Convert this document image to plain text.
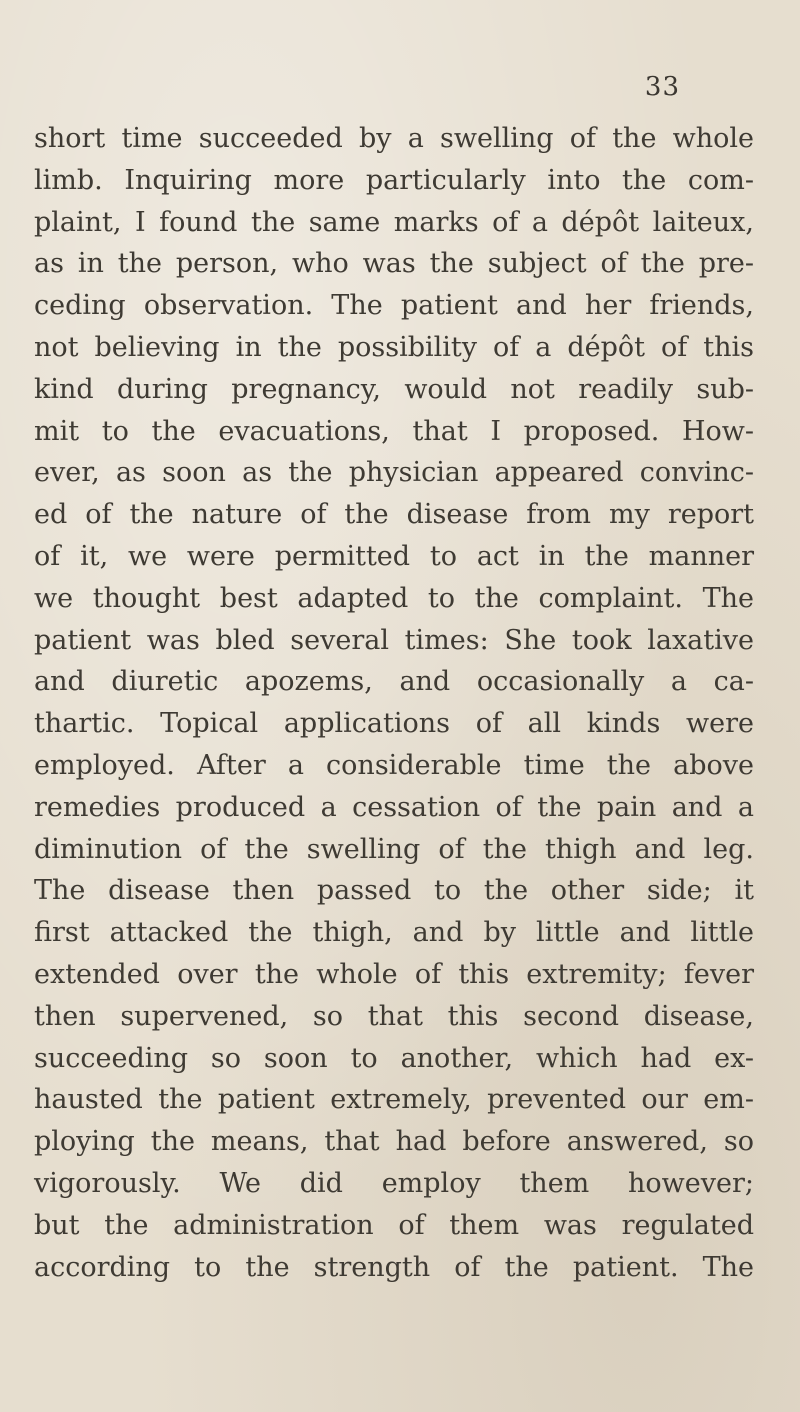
33
short time succeeded by a swelling of the whole
limb. Inquiring more particularly into the com-
plaint, I found the same marks of a dépôt laiteux,
as in the person, who was the subject of the pre-
ceding observation. The patient and her friends,
not believing in the possibility of a dépôt of this
kind during pregnancy, would not readily sub-
mit to the evacuations, that I proposed. How-
ever, as soon as the physician appeared convinc-
ed of the nature of the disease from my report
of it, we were permitted to act in the manner
we thought best adapted to the complaint. The
patient was bled several times: She took laxative
and diuretic apozems, and occasionally a ca-
thartic. Topical applications of all kinds were
employed. After a considerable time the above
remedies produced a cessation of the pain and a
diminution of the swelling of the thigh and leg.
The disease then passed to the other side; it
first attacked the thigh, and by little and little
extended over the whole of this extremity; fever
then supervened, so that this second disease,
succeeding so soon to another, which had ex-
hausted the patient extremely, prevented our em-
ploying the means, that had before answered, so
vigorously. We did employ them however;
but the administration of them was regulated
according to the strength of the patient. The
